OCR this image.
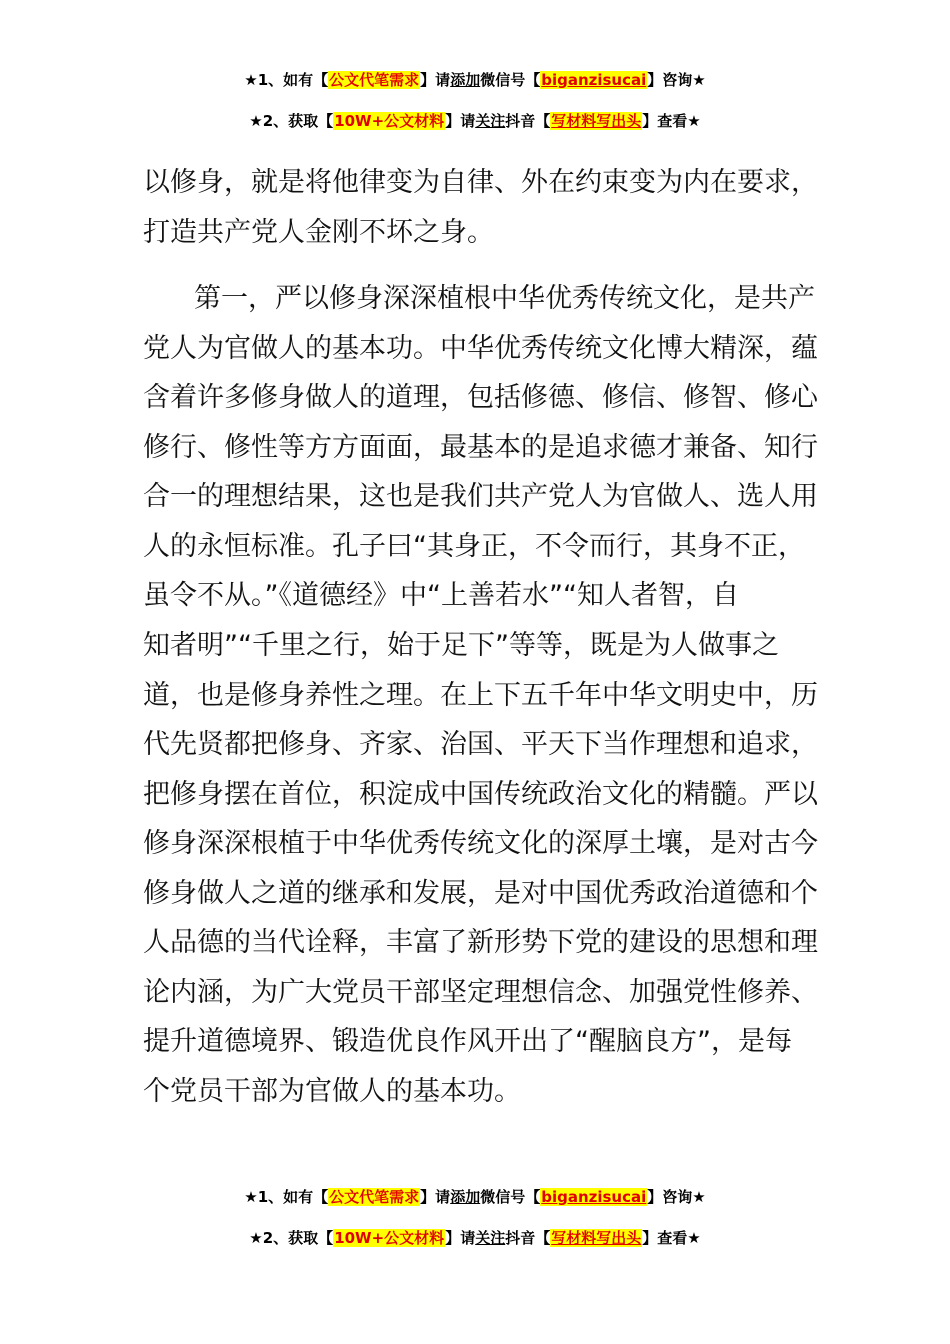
★1、如有【公文代笔需求】请添加微信号【biganzisucai】咨询★
★2、获取【10W+公文材料】请关注抖音【写材料写出头】查看★
以修身，就是将他律变为自律、外在约束变为内在要求，
打造共产党人金刚不坏之身。
第一，严以修身深深植根中华优秀传统文化，是共产
党人为官做人的基本功。中华优秀传统文化博大精深，蕴
含着许多修身做人的道理，包括修德、修信、修智、修心
修行、修性等方方面面，最基本的是追求德才兼备、知行
合一的理想结果，这也是我们共产党人为官做人、选人用
人的永恒标准。孔子曰“其身正，不令而行，其身不正，
虽令不从。”《道德经》中“上善若水”“知人者智，自
知者明”“千里之行，始于足下”等等，既是为人做事之
道，也是修身养性之理。在上下五千年中华文明史中，历
代先贤都把修身、齐家、治国、平天下当作理想和追求，
把修身摆在首位，积淀成中国传统政治文化的精髓。严以
修身深深根植于中华优秀传统文化的深厚土壤，是对古今
修身做人之道的继承和发展，是对中国优秀政治道德和个
人品德的当代诠释，丰富了新形势下党的建设的思想和理
论内涵，为广大党员干部坚定理想信念、加强党性修养、
提升道德境界、锻造优良作风开出了“醒脑良方”，是每
个党员干部为官做人的基本功。
★1、如有【公文代笔需求】请添加微信号【biganzisucai】咨询★
★2、获取【10W+公文材料】请关注抖音【写材料写出头】查看★
